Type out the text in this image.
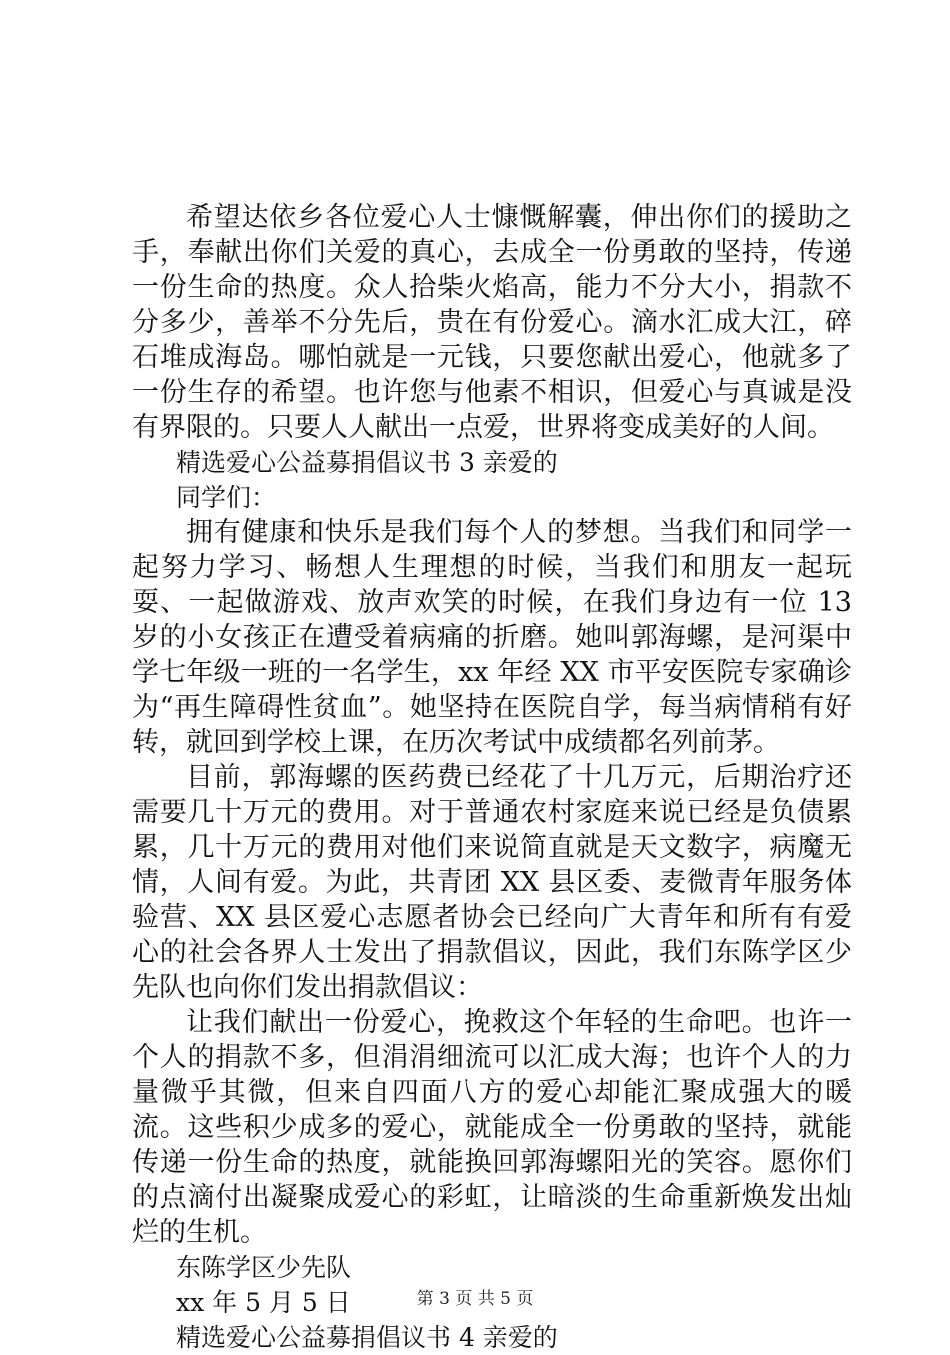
希望达依乡各位爱心人士慷慨解囊，伸出你们的援助之手，奉献出你们关爱的真心，去成全一份勇敢的坚持，传递一份生命的热度。众人拾柴火焰高，能力不分大小，捐款不分多少，善举不分先后，贵在有份爱心。滴水汇成大江，碎石堆成海岛。哪怕就是一元钱，只要您献出爱心，他就多了一份生存的希望。也许您与他素不相识，但爱心与真诚是没有界限的。只要人人献出一点爱，世界将变成美好的人间。

精选爱心公益募捐倡议书 3 亲爱的

同学们：

拥有健康和快乐是我们每个人的梦想。当我们和同学一起努力学习、畅想人生理想的时候，当我们和朋友一起玩耍、一起做游戏、放声欢笑的时候，在我们身边有一位 13 岁的小女孩正在遭受着病痛的折磨。她叫郭海螺，是河渠中学七年级一班的一名学生，xx 年经 XX 市平安医院专家确诊为“再生障碍性贫血”。她坚持在医院自学，每当病情稍有好转，就回到学校上课，在历次考试中成绩都名列前茅。

目前，郭海螺的医药费已经花了十几万元，后期治疗还需要几十万元的费用。对于普通农村家庭来说已经是负债累累，几十万元的费用对他们来说简直就是天文数字，病魔无情，人间有爱。为此，共青团 XX 县区委、麦微青年服务体验营、XX 县区爱心志愿者协会已经向广大青年和所有有爱心的社会各界人士发出了捐款倡议，因此，我们东陈学区少先队也向你们发出捐款倡议：

让我们献出一份爱心，挽救这个年轻的生命吧。也许一个人的捐款不多，但涓涓细流可以汇成大海；也许个人的力量微乎其微，但来自四面八方的爱心却能汇聚成强大的暖流。这些积少成多的爱心，就能成全一份勇敢的坚持，就能传递一份生命的热度，就能换回郭海螺阳光的笑容。愿你们的点滴付出凝聚成爱心的彩虹，让暗淡的生命重新焕发出灿烂的生机。

东陈学区少先队

xx 年 5 月 5 日

精选爱心公益募捐倡议书 4 亲爱的

第 3 页 共 5 页
